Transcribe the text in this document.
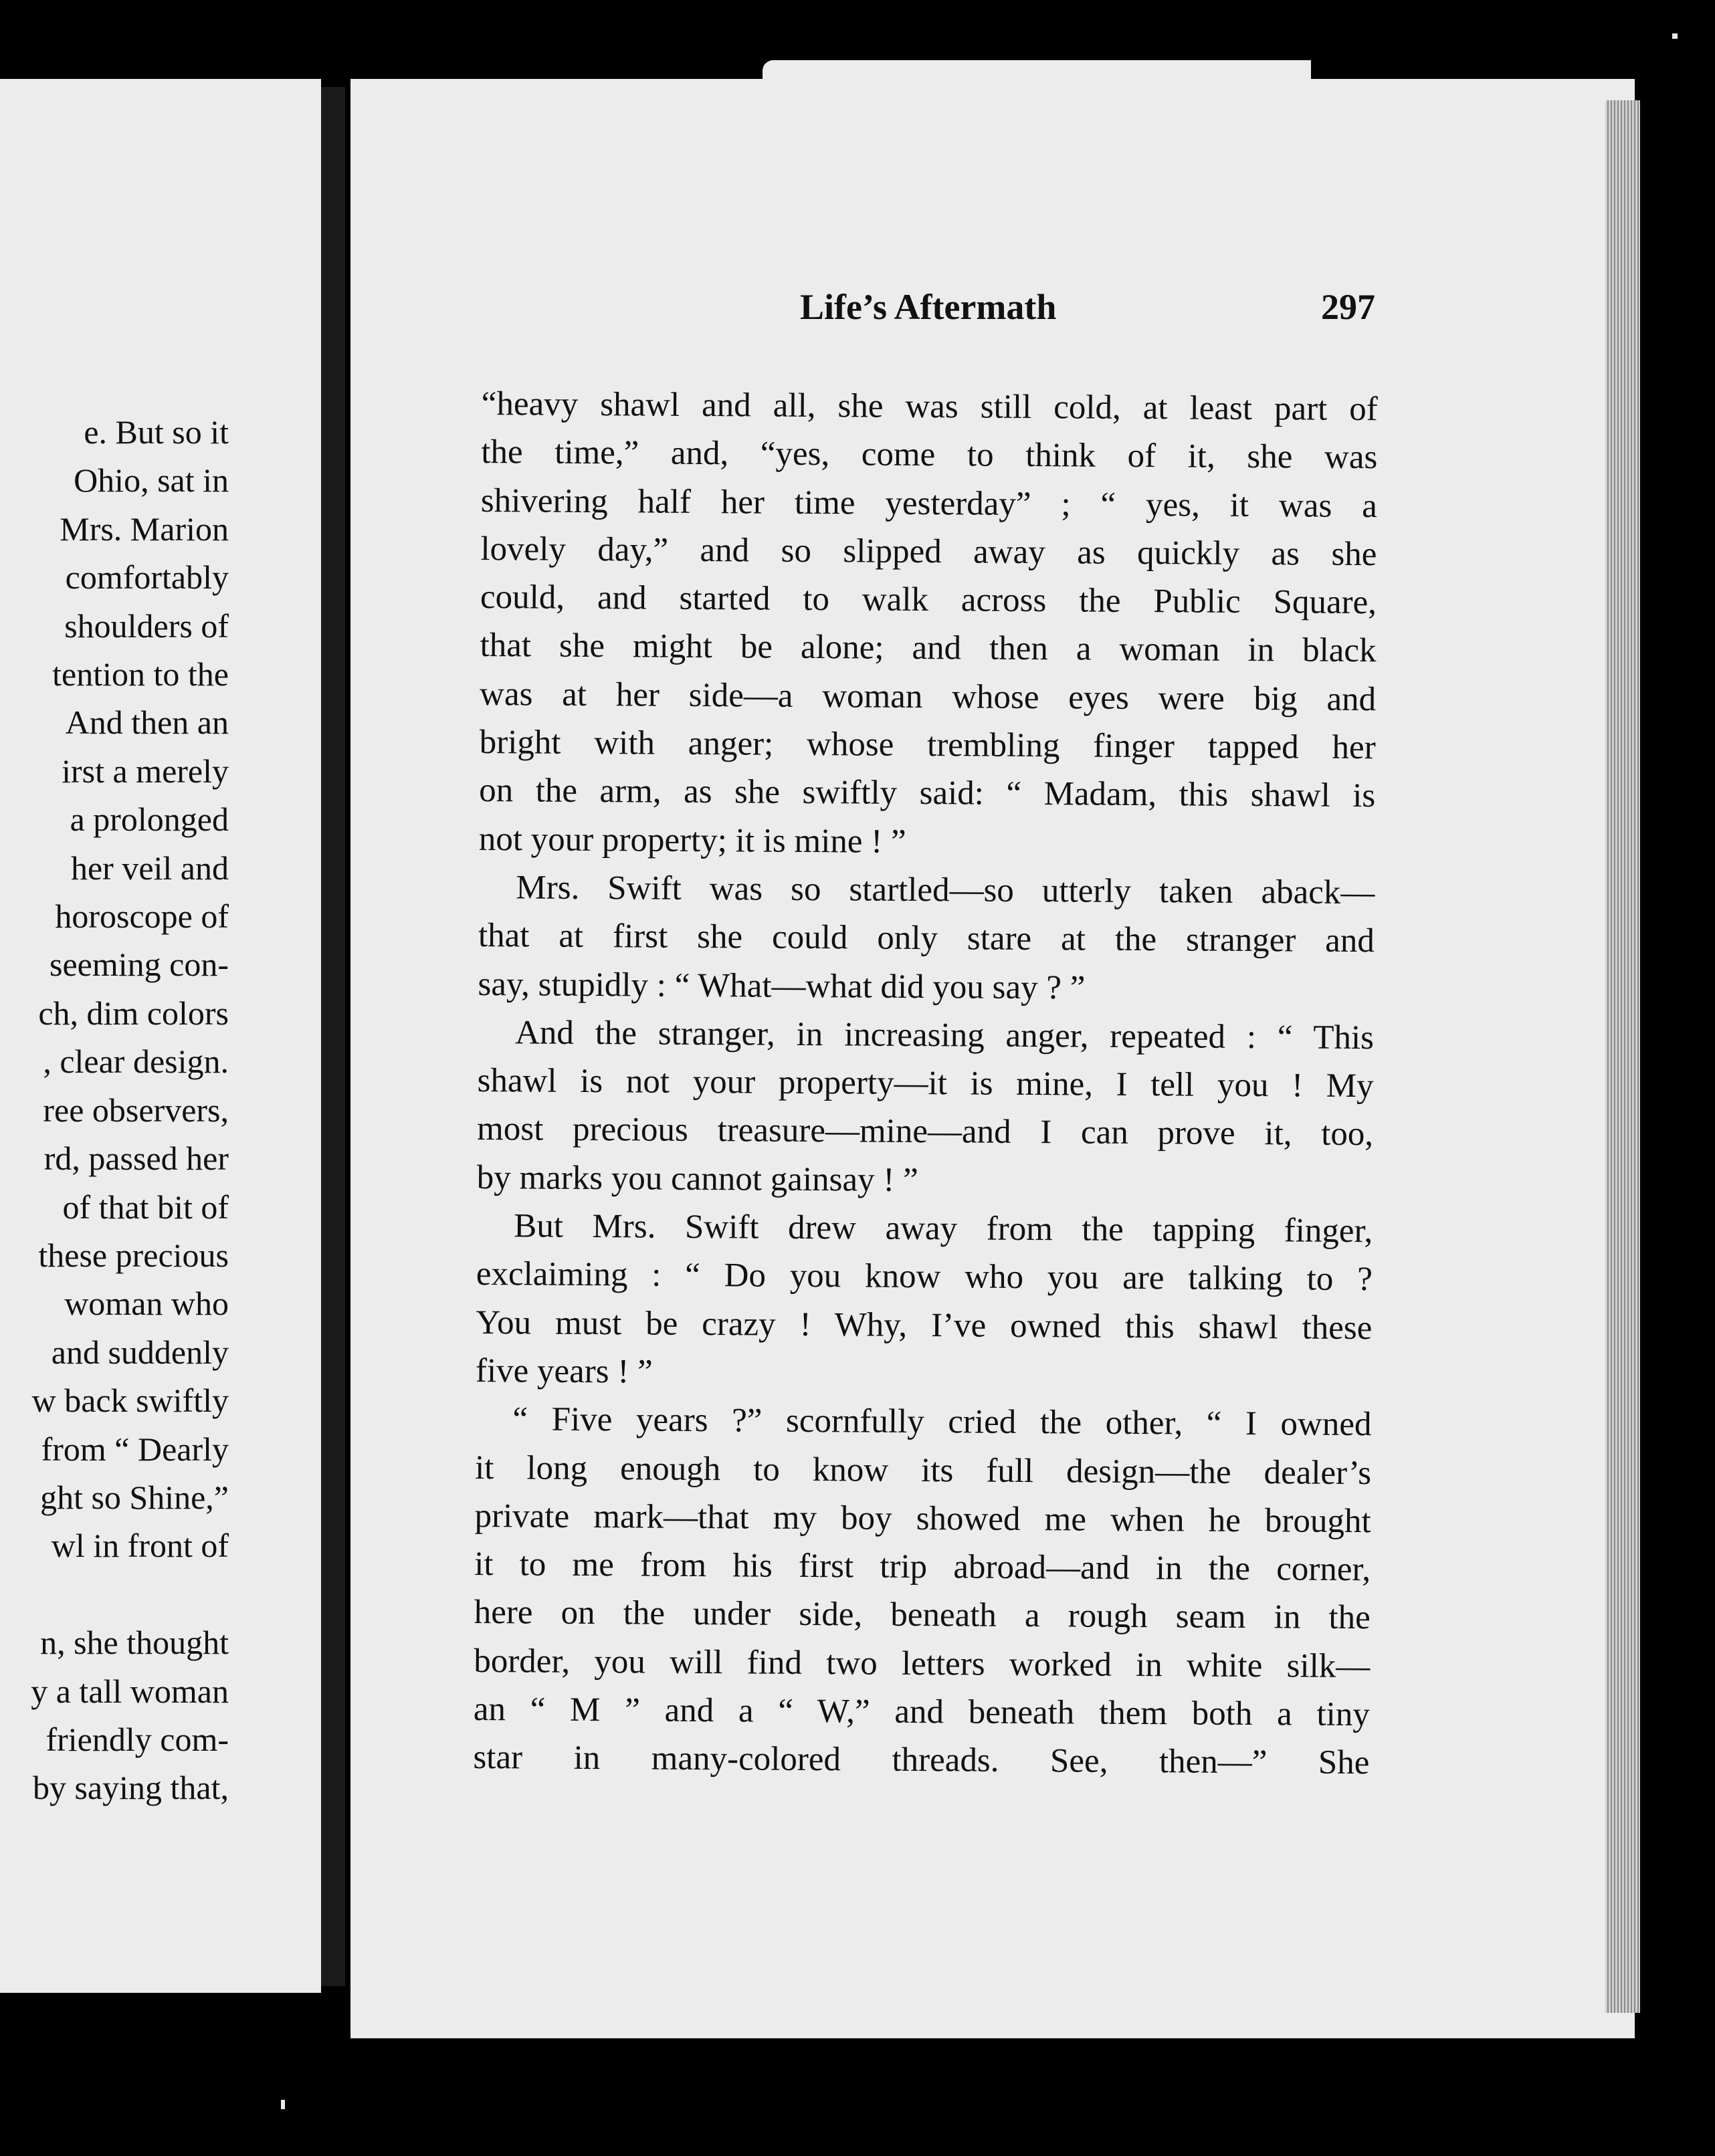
e. But so it
Ohio, sat in
Mrs. Marion
comfortably
shoulders of
tention to the
And then an
irst a merely
a prolonged
her veil and
horoscope of
seeming con-
ch, dim colors
, clear design.
ree observers,
rd, passed her
of that bit of
these precious
woman who
and suddenly
w back swiftly
from “ Dearly
ght so Shine,”
wl in front of

n, she thought
y a tall woman
friendly com-
by saying that,
Life’s Aftermath	297
“heavy shawl and all, she was still cold, at least part of
the time,” and, “yes, come to think of it, she was
shivering half her time yesterday” ; “ yes, it was a
lovely day,” and so slipped away as quickly as she
could, and started to walk across the Public Square,
that she might be alone; and then a woman in black
was at her side—a woman whose eyes were big and
bright with anger; whose trembling finger tapped her
on the arm, as she swiftly said: “ Madam, this shawl is
not your property; it is mine ! ”
Mrs. Swift was so startled—so utterly taken aback—
that at first she could only stare at the stranger and
say, stupidly : “ What—what did you say ? ”
And the stranger, in increasing anger, repeated : “ This
shawl is not your property—it is mine, I tell you ! My
most precious treasure—mine—and I can prove it, too,
by marks you cannot gainsay ! ”
But Mrs. Swift drew away from the tapping finger,
exclaiming : “ Do you know who you are talking to ?
You must be crazy ! Why, I’ve owned this shawl these
five years ! ”
“ Five years ?” scornfully cried the other, “ I owned
it long enough to know its full design—the dealer’s
private mark—that my boy showed me when he brought
it to me from his first trip abroad—and in the corner,
here on the under side, beneath a rough seam in the
border, you will find two letters worked in white silk—
an “ M ” and a “ W,” and beneath them both a tiny
star in many-colored threads. See, then—” She
